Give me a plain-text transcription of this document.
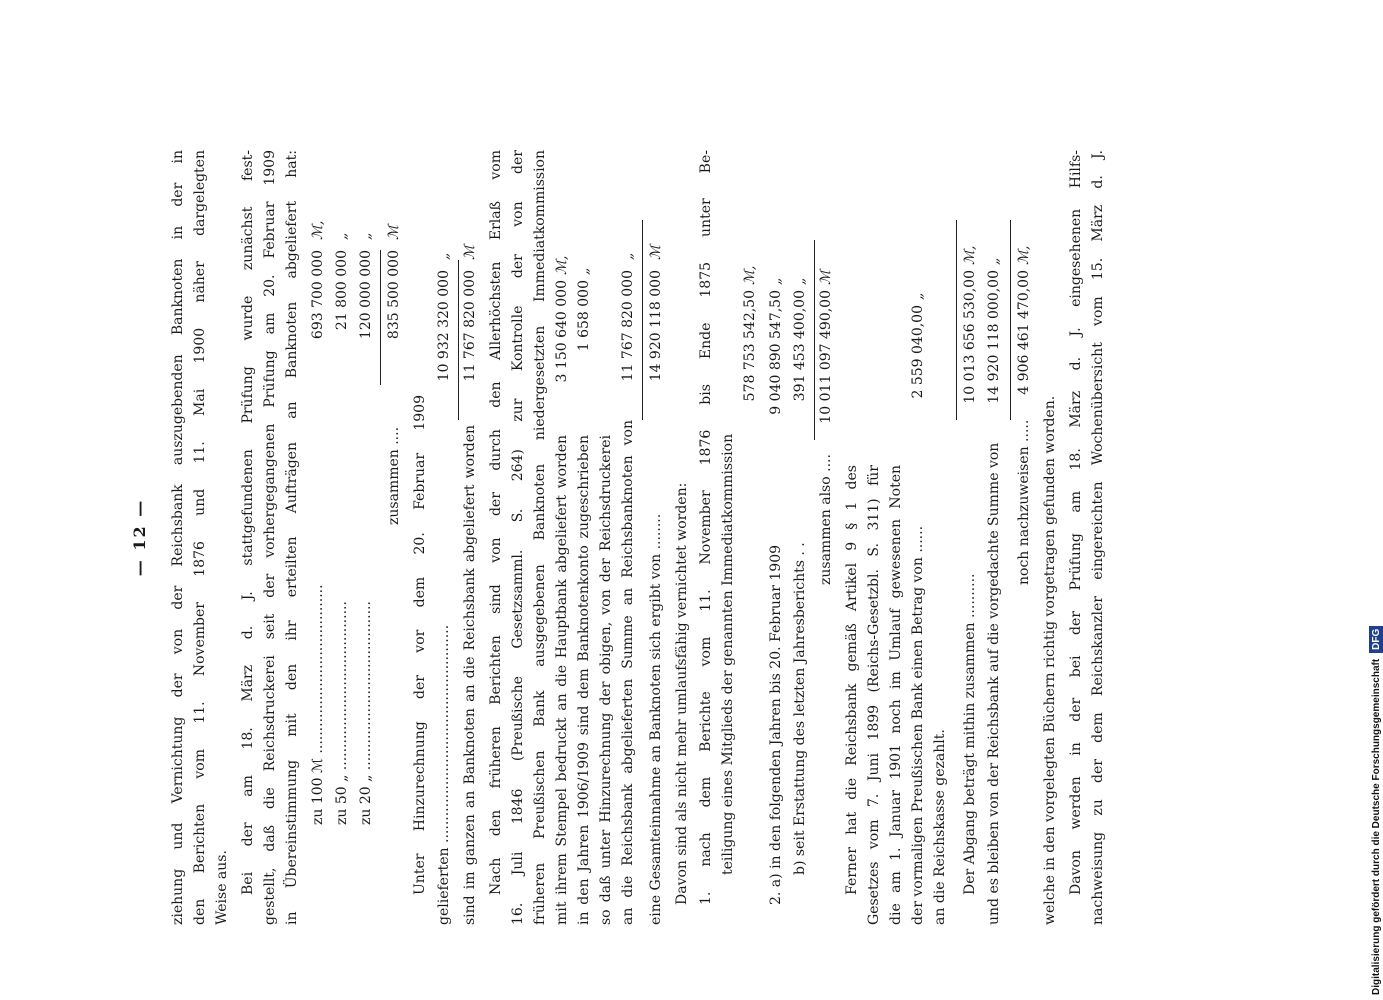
— 12 —	ziehung und Vernichtung der von der Reichsbank auszugebenden Banknoten in der in den Berichten vom 11. November 1876 und 11. Mai 1900 näher dargelegten Weise aus. Bei der am 18. März d. J. stattgefundenen Prüfung wurde zunächst fest- gestellt, daß die Reichsdruckerei seit der vorhergegangenen Prüfung am 20. Februar 1909 in Übereinstimmung mit den ihr erteilten Aufträgen an Banknoten abgeliefert hat: zu 100 ℳ ......................................
693 700 000
ℳ,
zu 50 „ ......................................
21 800 000
„
zu 20 „ ......................................
120 000 000
„
zusammen ....
835 500 000
ℳ
Unter Hinzurechnung der vor dem 20. Februar 1909 gelieferten .................................................
10 932 320 000
„
sind im ganzen an Banknoten an die Reichsbank abgeliefert worden
11 767 820 000
ℳ Nach den früheren Berichten sind von der durch den Allerhöchsten Erlaß vom 16. Juli 1846 (Preußische Gesetzsamml. S. 264) zur Kontrolle der von der früheren Preußischen Bank ausgegebenen Banknoten niedergesetzten Immediatkommission mit ihrem Stempel bedruckt an die Hauptbank abgeliefert worden
3 150 640 000
ℳ,
in den Jahren 1906/1909 sind dem Banknotenkonto zugeschrieben
1 658 000
„
so daß unter Hinzurechnung der obigen, von der Reichsdruckerei an die Reichsbank abgelieferten Summe an Reichsbanknoten von
11 767 820 000
„
eine Gesamteinnahme an Banknoten sich ergibt von ........
14 920 118 000
ℳ
Davon sind als nicht mehr umlaufsfähig vernichtet worden: 1. nach dem Berichte vom 11. November 1876 bis Ende 1875 unter Be- teiligung eines Mitglieds der genannten Immediatkommission
578 753 542,50
ℳ,
2. a) in den folgenden Jahren bis 20. Februar 1909
9 040 890 547,50
„
b) seit Erstattung des letzten Jahresberichts . .
391 453 400,00
„
zusammen also ....
10 011 097 490,00
ℳ
Ferner hat die Reichsbank gemäß Artikel 9 § 1 des Gesetzes vom 7. Juni 1899 (Reichs-Gesetzbl. S. 311) für die am 1. Januar 1901 noch im Umlauf gewesenen Noten der vormaligen Preußischen Bank einen Betrag von ......
2 559 040,00
„
an die Reichskasse gezahlt. Der Abgang beträgt mithin zusammen ..........
10 013 656 530,00
ℳ,
und es bleiben von der Reichsbank auf die vorgedachte Summe von
14 920 118 000,00
„
noch nachzuweisen .....
4 906 461 470,00
ℳ,
welche in den vorgelegten Büchern richtig vorgetragen gefunden worden. Davon werden in der bei der Prüfung am 18. März d. J. eingesehenen Hilfs- nachweisung zu der dem Reichskanzler eingereichten Wochenübersicht vom 15. März d. J.	Digitalisierung gefördert durch die Deutsche ForschungsgemeinschaftDFG
